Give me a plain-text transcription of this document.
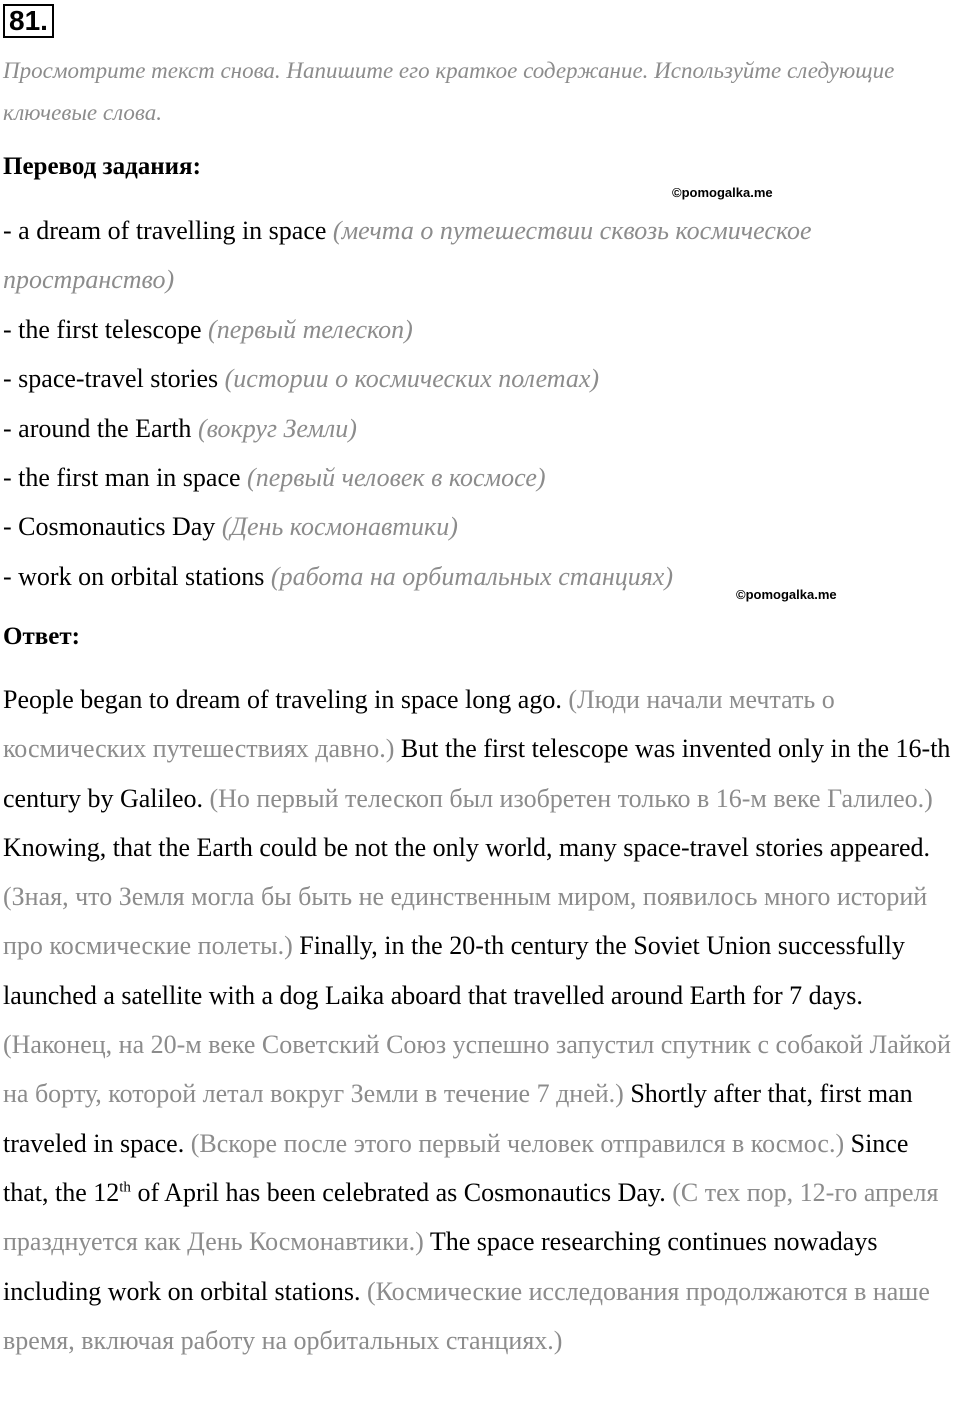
81.
Просмотрите текст снова. Напишите его краткое содержание. Используйте следующие ключевые слова.
Перевод задания:
©pomogalka.me
- a dream of travelling in space (мечта о путешествии сквозь космическое пространство)
- the first telescope (первый телескоп)
- space-travel stories (истории о космических полетах)
- around the Earth (вокруг Земли)
- the first man in space (первый человек в космосе)
- Cosmonautics Day (День космонавтики)
- work on orbital stations (работа на орбитальных станциях)
©pomogalka.me
Ответ:
People began to dream of traveling in space long ago. (Люди начали мечтать о космических путешествиях давно.) But the first telescope was invented only in the 16-th century by Galileo. (Но первый телескоп был изобретен только в 16-м веке Галилео.) Knowing, that the Earth could be not the only world, many space-travel stories appeared. (Зная, что Земля могла бы быть не единственным миром, появилось много историй про космические полеты.) Finally, in the 20-th century the Soviet Union successfully launched a satellite with a dog Laika aboard that travelled around Earth for 7 days. (Наконец, на 20-м веке Советский Союз успешно запустил спутник с собакой Лайкой на борту, которой летал вокруг Земли в течение 7 дней.) Shortly after that, first man traveled in space. (Вскоре после этого первый человек отправился в космос.) Since that, the 12th of April has been celebrated as Cosmonautics Day. (С тех пор, 12-го апреля празднуется как День Космонавтики.) The space researching continues nowadays including work on orbital stations. (Космические исследования продолжаются в наше время, включая работу на орбитальных станциях.)
